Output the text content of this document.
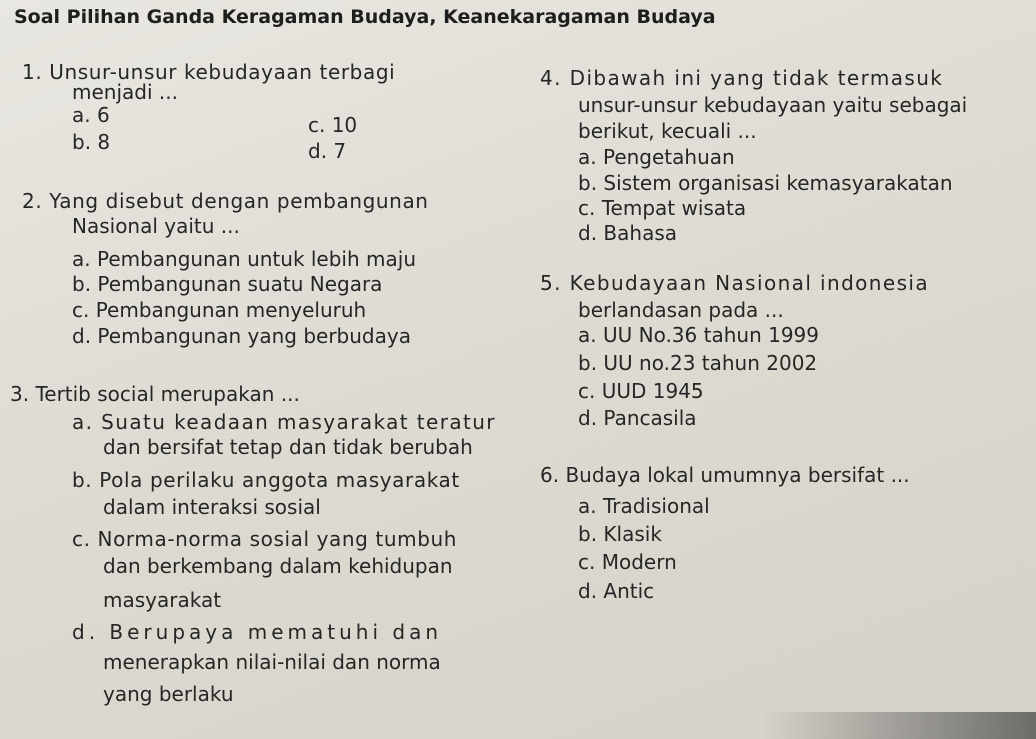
Soal Pilihan Ganda Keragaman Budaya, Keanekaragaman Budaya
1. Unsur-unsur kebudayaan terbagi
menjadi ...
a. 6
b. 8
c. 10
d. 7
2. Yang disebut dengan pembangunan
Nasional yaitu ...
a. Pembangunan untuk lebih maju
b. Pembangunan suatu Negara
c. Pembangunan menyeluruh
d. Pembangunan yang berbudaya
3. Tertib social merupakan ...
a. Suatu keadaan masyarakat teratur
dan bersifat tetap dan tidak berubah
b. Pola perilaku anggota masyarakat
dalam interaksi sosial
c. Norma-norma sosial yang tumbuh
dan berkembang dalam kehidupan
masyarakat
d. Berupaya mematuhi dan
menerapkan nilai-nilai dan norma
yang berlaku
4. Dibawah ini yang tidak termasuk
unsur-unsur kebudayaan yaitu sebagai
berikut, kecuali ...
a. Pengetahuan
b. Sistem organisasi kemasyarakatan
c. Tempat wisata
d. Bahasa
5. Kebudayaan Nasional indonesia
berlandasan pada ...
a. UU No.36 tahun 1999
b. UU no.23 tahun 2002
c. UUD 1945
d. Pancasila
6. Budaya lokal umumnya bersifat ...
a. Tradisional
b. Klasik
c. Modern
d. Antic
